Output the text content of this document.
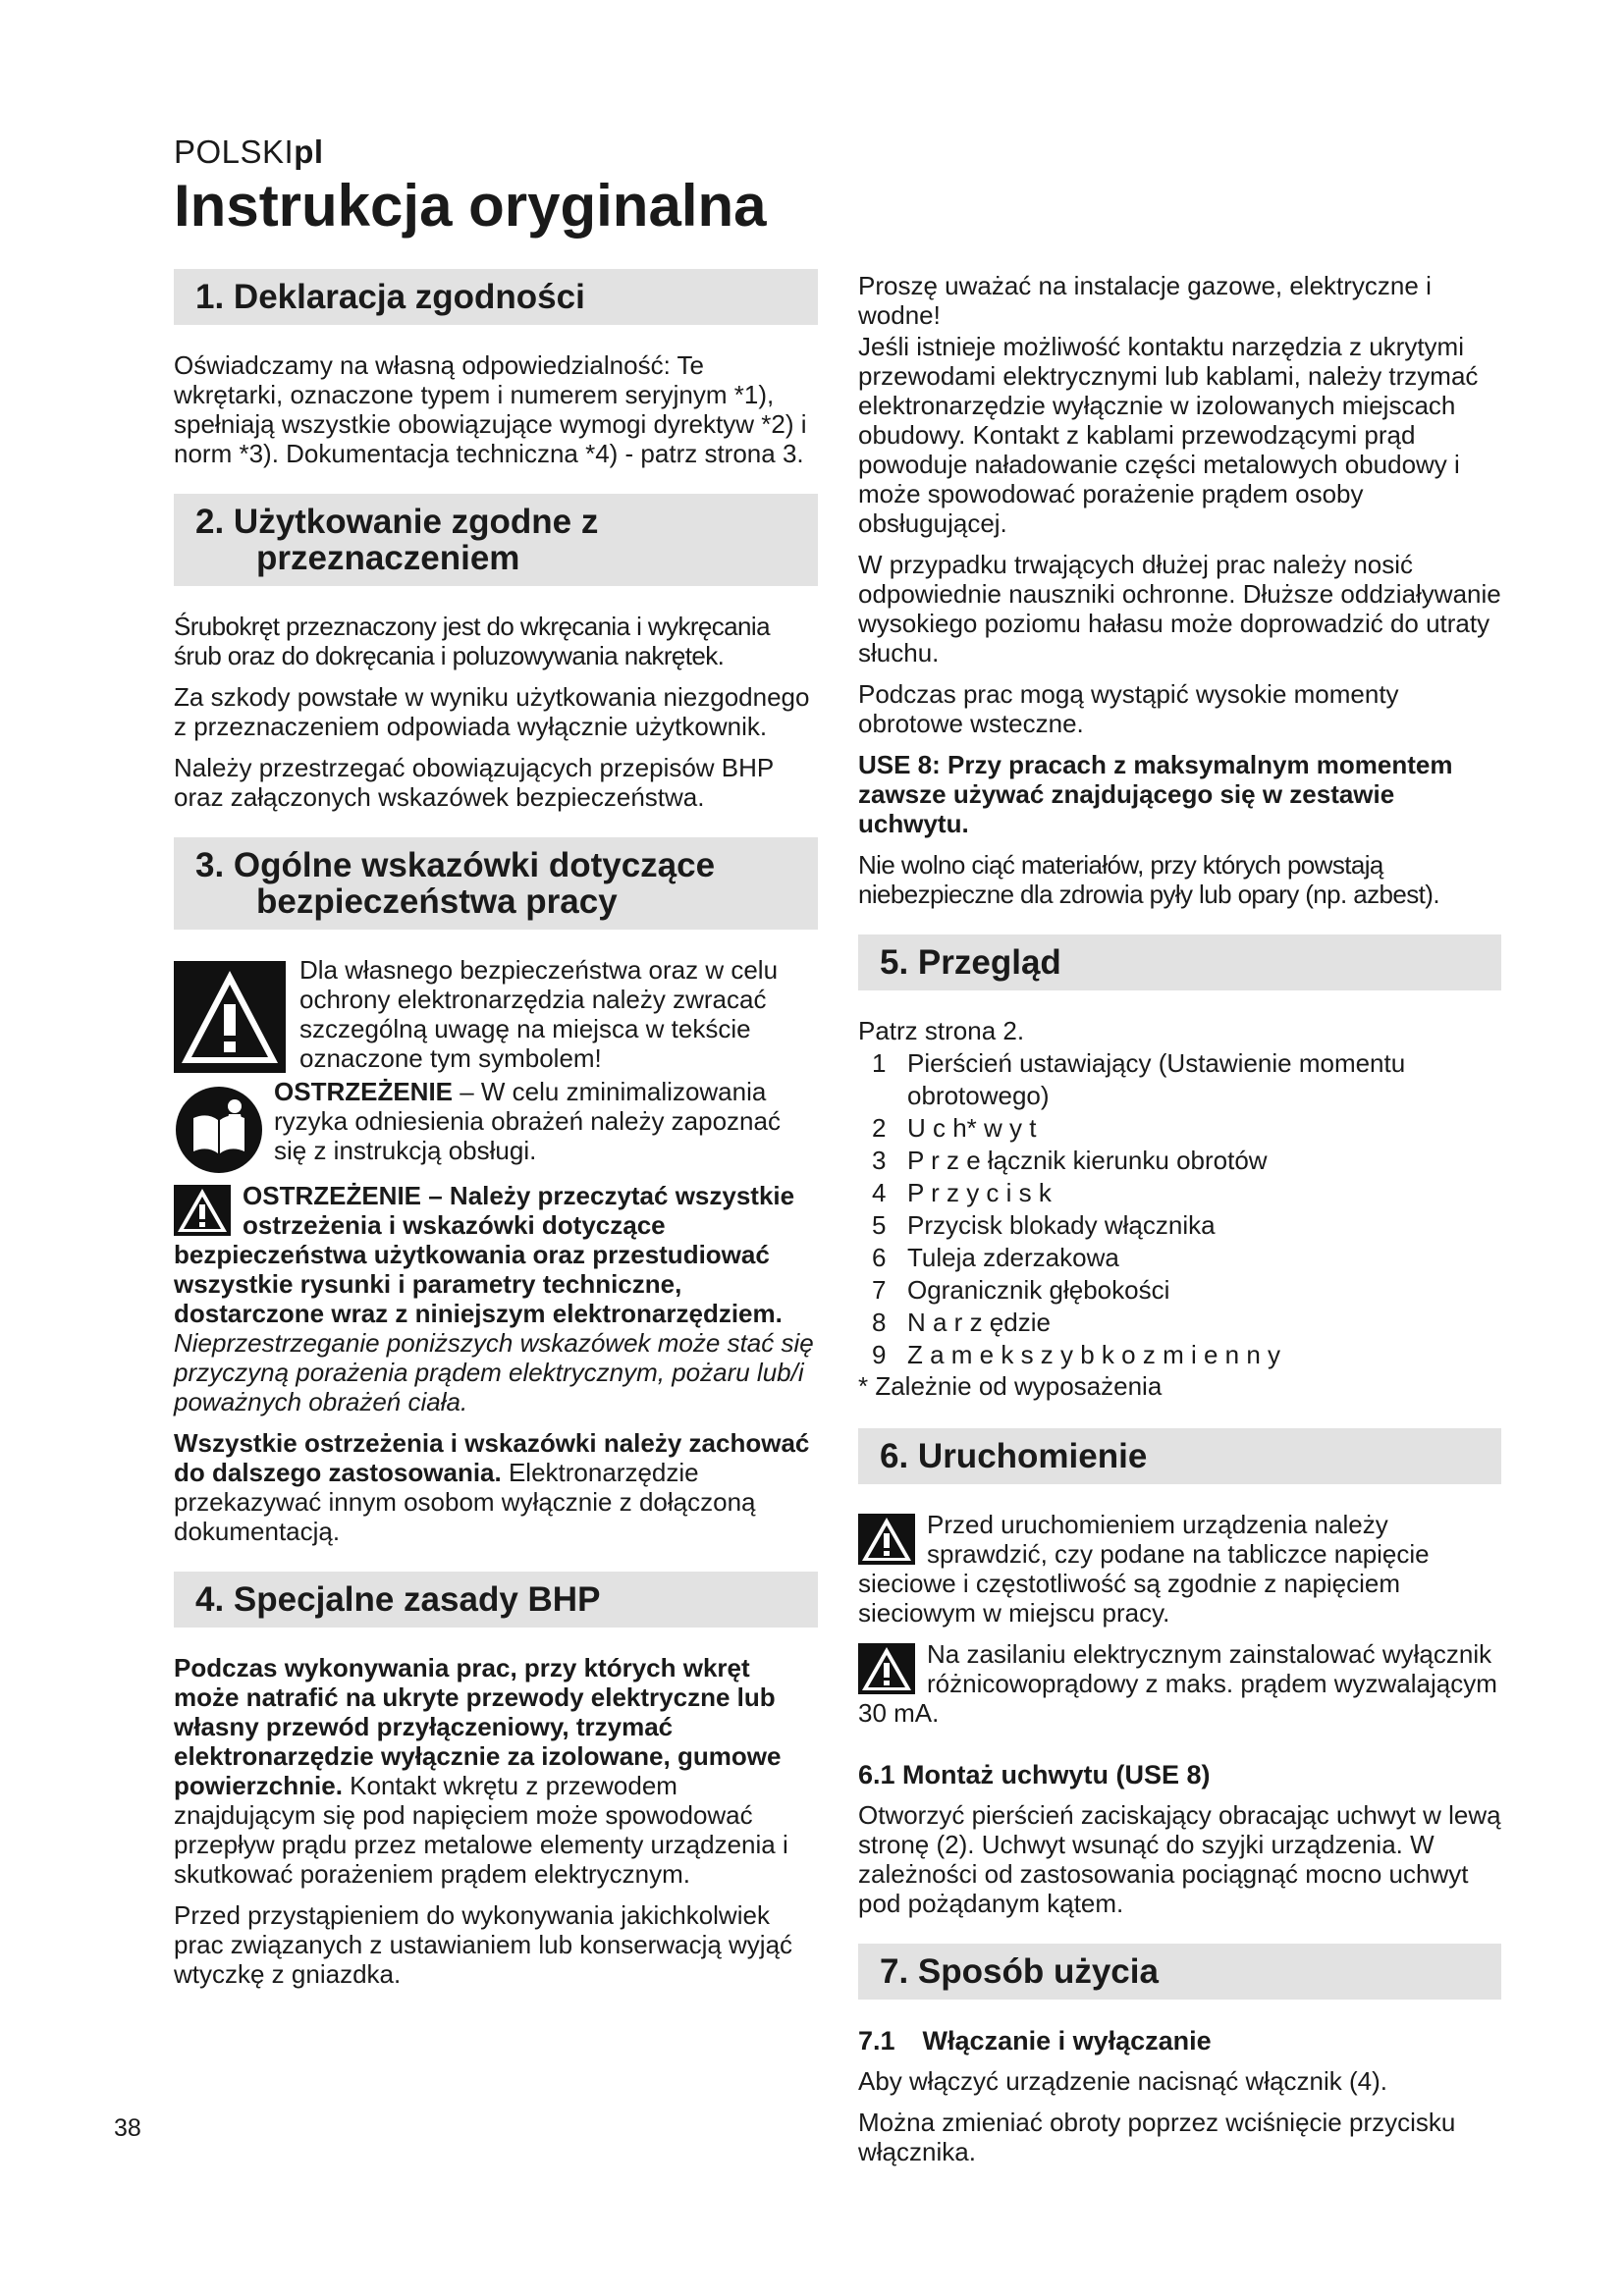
POLSKIpl
Instrukcja oryginalna
1. Deklaracja zgodności

Oświadczamy na własną odpowiedzialność: Te wkrętarki, oznaczone typem i numerem seryjnym *1), spełniają wszystkie obowiązujące wymogi dyrektyw *2) i norm *3). Dokumentacja techniczna *4) - patrz strona 3.

2. Użytkowanie zgodne z
przeznaczeniem

Śrubokręt przeznaczony jest do wkręcania i wykręcania śrub oraz do dokręcania i poluzowywania nakrętek.

Za szkody powstałe w wyniku użytkowania niezgodnego z przeznaczeniem odpowiada wyłącznie użytkownik.

Należy przestrzegać obowiązujących przepisów BHP oraz załączonych wskazówek bezpieczeństwa.

3. Ogólne wskazówki dotyczące
bezpieczeństwa pracy

Dla własnego bezpieczeństwa oraz w celu ochrony elektronarzędzia należy zwracać szczególną uwagę na miejsca w tekście oznaczone tym symbolem!

OSTRZEŻENIE – W celu zminimalizowania ryzyka odniesienia obrażeń należy zapoznać się z instrukcją obsługi.

OSTRZEŻENIE – Należy przeczytać wszystkie ostrzeżenia i wskazówki dotyczące bezpieczeństwa użytkowania oraz przestudiować wszystkie rysunki i parametry techniczne, dostarczone wraz z niniejszym elektronarzędziem. Nieprzestrzeganie poniższych wskazówek może stać się przyczyną porażenia prądem elektrycznym, pożaru lub/i poważnych obrażeń ciała.

Wszystkie ostrzeżenia i wskazówki należy zachować do dalszego zastosowania. Elektronarzędzie przekazywać innym osobom wyłącznie z dołączoną dokumentacją.

4. Specjalne zasady BHP

Podczas wykonywania prac, przy których wkręt może natrafić na ukryte przewody elektryczne lub własny przewód przyłączeniowy, trzymać elektronarzędzie wyłącznie za izolowane, gumowe powierzchnie. Kontakt wkrętu z przewodem znajdującym się pod napięciem może spowodować przepływ prądu przez metalowe elementy urządzenia i skutkować porażeniem prądem elektrycznym.

Przed przystąpieniem do wykonywania jakichkolwiek prac związanych z ustawianiem lub konserwacją wyjąć wtyczkę z gniazdka.

Proszę uważać na instalacje gazowe, elektryczne i wodne!

Jeśli istnieje możliwość kontaktu narzędzia z ukrytymi przewodami elektrycznymi lub kablami, należy trzymać elektronarzędzie wyłącznie w izolowanych miejscach obudowy. Kontakt z kablami przewodzącymi prąd powoduje naładowanie części metalowych obudowy i może spowodować porażenie prądem osoby obsługującej.

W przypadku trwających dłużej prac należy nosić odpowiednie nauszniki ochronne. Dłuższe oddziaływanie wysokiego poziomu hałasu może doprowadzić do utraty słuchu.

Podczas prac mogą wystąpić wysokie momenty obrotowe wsteczne.

USE 8: Przy pracach z maksymalnym momentem zawsze używać znajdującego się w zestawie uchwytu.

Nie wolno ciąć materiałów, przy których powstają niebezpieczne dla zdrowia pyły lub opary (np. azbest).

5. Przegląd

Patrz strona 2.

1 Pierścień ustawiający (Ustawienie momentu obrotowego)
2 U c h* w y t
3 P r z e łącznik kierunku obrotów
4 P r z y c i s k
5 Przycisk blokady włącznika
6 Tuleja zderzakowa
7 Ogranicznik głębokości
8 N a r z ędzie
9 Z a m e k s z y b k o z m i e n n y

* Zależnie od wyposażenia

6. Uruchomienie

Przed uruchomieniem urządzenia należy sprawdzić, czy podane na tabliczce napięcie sieciowe i częstotliwość są zgodnie z napięciem sieciowym w miejscu pracy.

Na zasilaniu elektrycznym zainstalować wyłącznik różnicowoprądowy z maks. prądem wyzwalającym 30 mA.

6.1 Montaż uchwytu (USE 8)

Otworzyć pierścień zaciskający obracając uchwyt w lewą stronę (2). Uchwyt wsunąć do szyjki urządzenia. W zależności od zastosowania pociągnąć mocno uchwyt pod pożądanym kątem.

7. Sposób użycia
7.1 Włączanie i wyłączanie

Aby włączyć urządzenie nacisnąć włącznik (4).

Można zmieniać obroty poprzez wciśnięcie przycisku włącznika.

38
